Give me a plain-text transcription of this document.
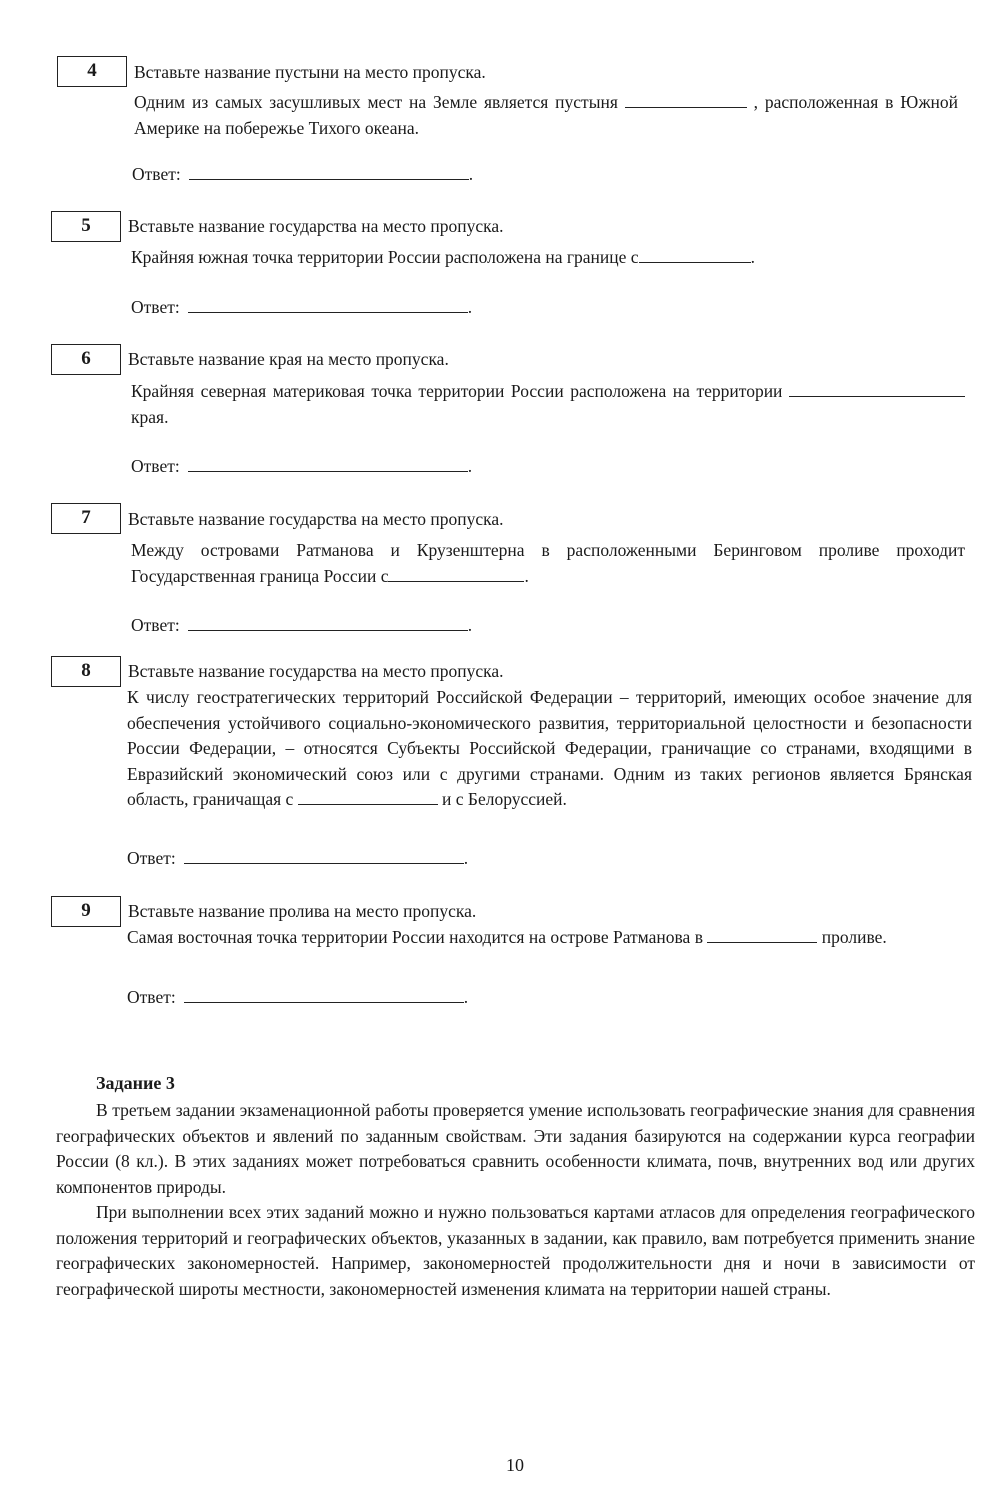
4	Вставьте название пустыни на место пропуска.
Одним из самых засушливых мест на Земле является пустыня	, расположенная в Южной Америке на побережье Тихого океана.
Ответ:	.
5	Вставьте название государства на место пропуска.
Крайняя южная точка территории России расположена на границе с	.
Ответ:	.
6	Вставьте название края на место пропуска.
Крайняя северная материковая точка территории России расположена на территории  края.
Ответ:	.
7	Вставьте название государства на место пропуска.
Между островами Ратманова и Крузенштерна в расположенными Беринговом проливе проходит Государственная граница России с	.
Ответ:	.
8	Вставьте название государства на место пропуска.
К числу геостратегических территорий Российской Федерации – территорий, имеющих особое значение для обеспечения устойчивого социально-экономического развития, территориальной целостности и безопасности России Федерации, – относятся Субъекты Российской Федерации, граничащие со странами, входящими в Евразийский экономический союз или с другими странами. Одним из таких регионов является Брянская область, граничащая с	и с Белоруссией.
Ответ:	.
9	Вставьте название пролива на место пропуска.
Самая восточная точка территории России находится на острове Ратманова в	проливе.
Ответ:	.
Задание 3

В третьем задании экзаменационной работы проверяется умение использовать географические знания для сравнения географических объектов и явлений по заданным свойствам. Эти задания базируются на содержании курса географии России (8 кл.). В этих заданиях может потребоваться сравнить особенности климата, почв, внутренних вод или других компонентов природы.

При выполнении всех этих заданий можно и нужно пользоваться картами атласов для определения географического положения территорий и географических объектов, указанных в задании, как правило, вам потребуется применить знание географических закономерностей. Например, закономерностей продолжительности дня и ночи в зависимости от географической широты местности, закономерностей изменения климата на территории нашей страны.

10
